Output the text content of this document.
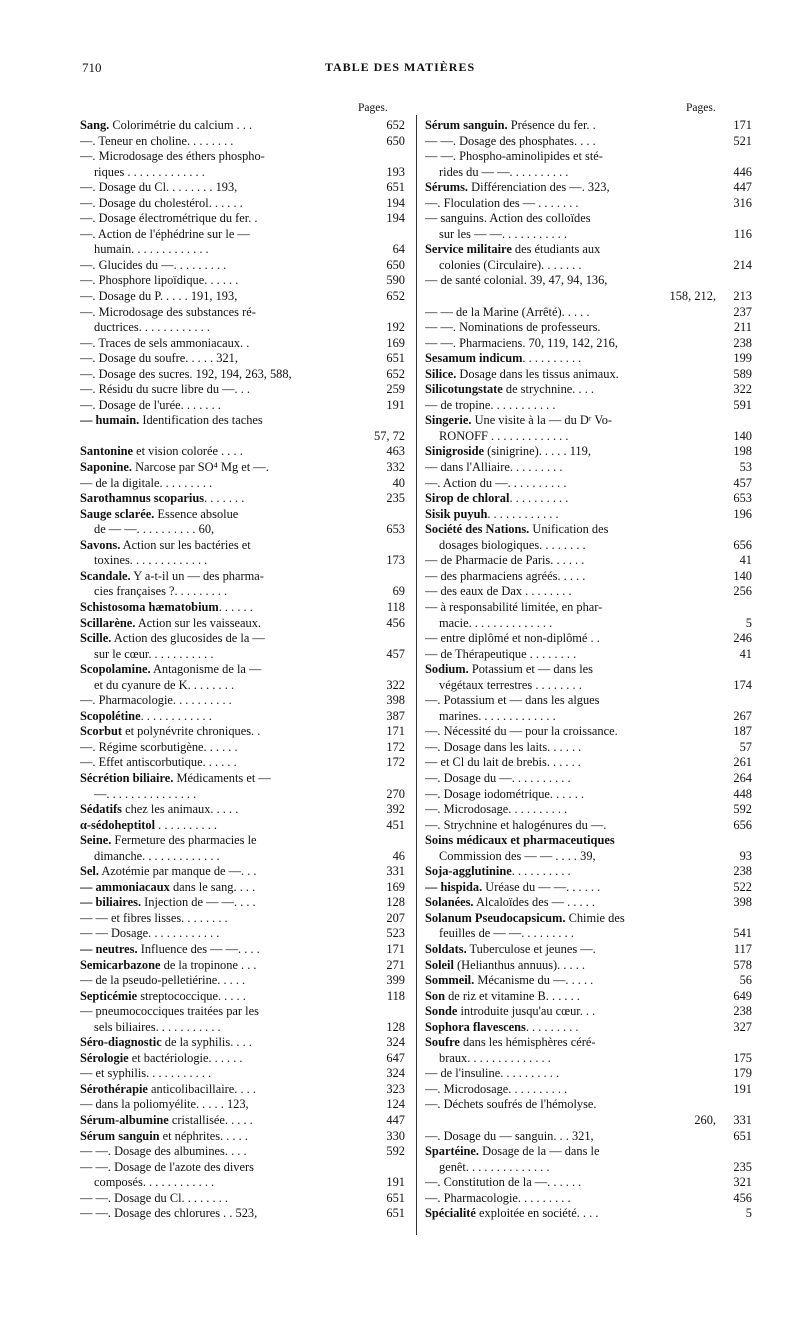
710	TABLE DES MATIÈRES
Pages.	Pages.
Sang. Colorimétrie du calcium . . .	652
—. Teneur en choline. . . . . . . .	650
—. Microdosage des éthers phospho-
riques . . . . . . . . . . . . .	193
—. Dosage du Cl. . . . . . . . 193,	651
—. Dosage du cholestérol. . . . . .	194
—. Dosage électrométrique du fer. .	194
—. Action de l'éphédrine sur le —
humain. . . . . . . . . . . . .	64
—. Glucides du —. . . . . . . . .	650
—. Phosphore lipoïdique. . . . . .	590
—. Dosage du P. . . . . 191, 193,	652
—. Microdosage des substances ré-
ductrices. . . . . . . . . . . .	192
—. Traces de sels ammoniacaux. .	169
—. Dosage du soufre. . . . . 321,	651
—. Dosage des sucres. 192, 194, 263, 588,	652
—. Résidu du sucre libre du —. . .	259
—. Dosage de l'urée. . . . . . .	191
— humain. Identification des taches
57, 72
Santonine et vision colorée . . . .	463
Saponine. Narcose par SO⁴ Mg et —.	332
— de la digitale. . . . . . . . .	40
Sarothamnus scoparius. . . . . . .	235
Sauge sclarée. Essence absolue
de — —. . . . . . . . . . 60,	653
Savons. Action sur les bactéries et
toxines. . . . . . . . . . . . .	173
Scandale. Y a-t-il un — des pharma-
cies françaises ?. . . . . . . . .	69
Schistosoma hæmatobium. . . . . .	118
Scillarène. Action sur les vaisseaux.	456
Scille. Action des glucosides de la —
sur le cœur. . . . . . . . . . .	457
Scopolamine. Antagonisme de la —
et du cyanure de K. . . . . . . .	322
—. Pharmacologie. . . . . . . . . .	398
Scopolétine. . . . . . . . . . . .	387
Scorbut et polynévrite chroniques. .	171
—. Régime scorbutigène. . . . . .	172
—. Effet antiscorbutique. . . . . .	172
Sécrétion biliaire. Médicaments et —
—. . . . . . . . . . . . . . .	270
Sédatifs chez les animaux. . . . .	392
α-sédoheptitol . . . . . . . . . .	451
Seine. Fermeture des pharmacies le
dimanche. . . . . . . . . . . . .	46
Sel. Azotémie par manque de —. . .	331
— ammoniacaux dans le sang. . . .	169
— biliaires. Injection de — —. . . .	128
— — et fibres lisses. . . . . . . .	207
— — Dosage. . . . . . . . . . . .	523
— neutres. Influence des — —. . . .	171
Semicarbazone de la tropinone . . .	271
— de la pseudo-pelletiérine. . . . .	399
Septicémie streptococcique. . . . .	118
— pneumococciques traitées par les
sels biliaires. . . . . . . . . . .	128
Séro-diagnostic de la syphilis. . . .	324
Sérologie et bactériologie. . . . . .	647
— et syphilis. . . . . . . . . . .	324
Sérothérapie anticolibacillaire. . . .	323
— dans la poliomyélite. . . . . 123,	124
Sérum-albumine cristallisée. . . . .	447
Sérum sanguin et néphrites. . . . .	330
— —. Dosage des albumines. . . .	592
— —. Dosage de l'azote des divers
composés. . . . . . . . . . . .	191
— —. Dosage du Cl. . . . . . . .	651
— —. Dosage des chlorures . . 523,	651
Sérum sanguin. Présence du fer. .	171
— —. Dosage des phosphates. . . .	521
— —. Phospho-aminolipides et sté-
rides du — —. . . . . . . . . .	446
Sérums. Différenciation des —. 323,	447
—. Floculation des — . . . . . . .	316
— sanguins. Action des colloïdes
sur les — —. . . . . . . . . . .	116
Service militaire des étudiants aux
colonies (Circulaire). . . . . . .	214
— de santé colonial. 39, 47, 94, 136,
158, 212, 213
— — de la Marine (Arrêté). . . . .	237
— —. Nominations de professeurs.	211
— —. Pharmaciens. 70, 119, 142, 216,	238
Sesamum indicum. . . . . . . . . .	199
Silice. Dosage dans les tissus animaux.	589
Silicotungstate de strychnine. . . .	322
— de tropine. . . . . . . . . . .	591
Singerie. Une visite à la — du Dʳ Vo-
RONOFF . . . . . . . . . . . . .	140
Sinigroside (sinigrine). . . . . 119,	198
— dans l'Alliaire. . . . . . . . .	53
—. Action du —. . . . . . . . . .	457
Sirop de chloral. . . . . . . . . .	653
Sisik puyuh. . . . . . . . . . . .	196
Société des Nations. Unification des
dosages biologiques. . . . . . . .	656
— de Pharmacie de Paris. . . . . .	41
— des pharmaciens agréés. . . . .	140
— des eaux de Dax . . . . . . . .	256
— à responsabilité limitée, en phar-
macie. . . . . . . . . . . . . .	5
— entre diplômé et non-diplômé . .	246
— de Thérapeutique . . . . . . . .	41
Sodium. Potassium et — dans les
végétaux terrestres . . . . . . . .	174
—. Potassium et — dans les algues
marines. . . . . . . . . . . . .	267
—. Nécessité du — pour la croissance.	187
—. Dosage dans les laits. . . . . .	57
— et Cl du lait de brebis. . . . . .	261
—. Dosage du —. . . . . . . . . .	264
—. Dosage iodométrique. . . . . .	448
—. Microdosage. . . . . . . . . .	592
—. Strychnine et halogénures du —.	656
Soins médicaux et pharmaceutiques
Commission des — — . . . . 39,	93
Soja-agglutinine. . . . . . . . . .	238
— hispida. Uréase du — —. . . . . .	522
Solanées. Alcaloïdes des — . . . . .	398
Solanum Pseudocapsicum. Chimie des
feuilles de — —. . . . . . . . .	541
Soldats. Tuberculose et jeunes —.	117
Soleil (Helianthus annuus). . . . .	578
Sommeil. Mécanisme du —. . . . .	56
Son de riz et vitamine B. . . . . .	649
Sonde introduite jusqu'au cœur. . .	238
Sophora flavescens. . . . . . . . .	327
Soufre dans les hémisphères céré-
braux. . . . . . . . . . . . . .	175
— de l'insuline. . . . . . . . . .	179
—. Microdosage. . . . . . . . . .	191
—. Déchets soufrés de l'hémolyse.
260, 331
—. Dosage du — sanguin. . . 321,	651
Spartéine. Dosage de la — dans le
genêt. . . . . . . . . . . . . .	235
—. Constitution de la —. . . . . .	321
—. Pharmacologie. . . . . . . . .	456
Spécialité exploitée en société. . . .	5
